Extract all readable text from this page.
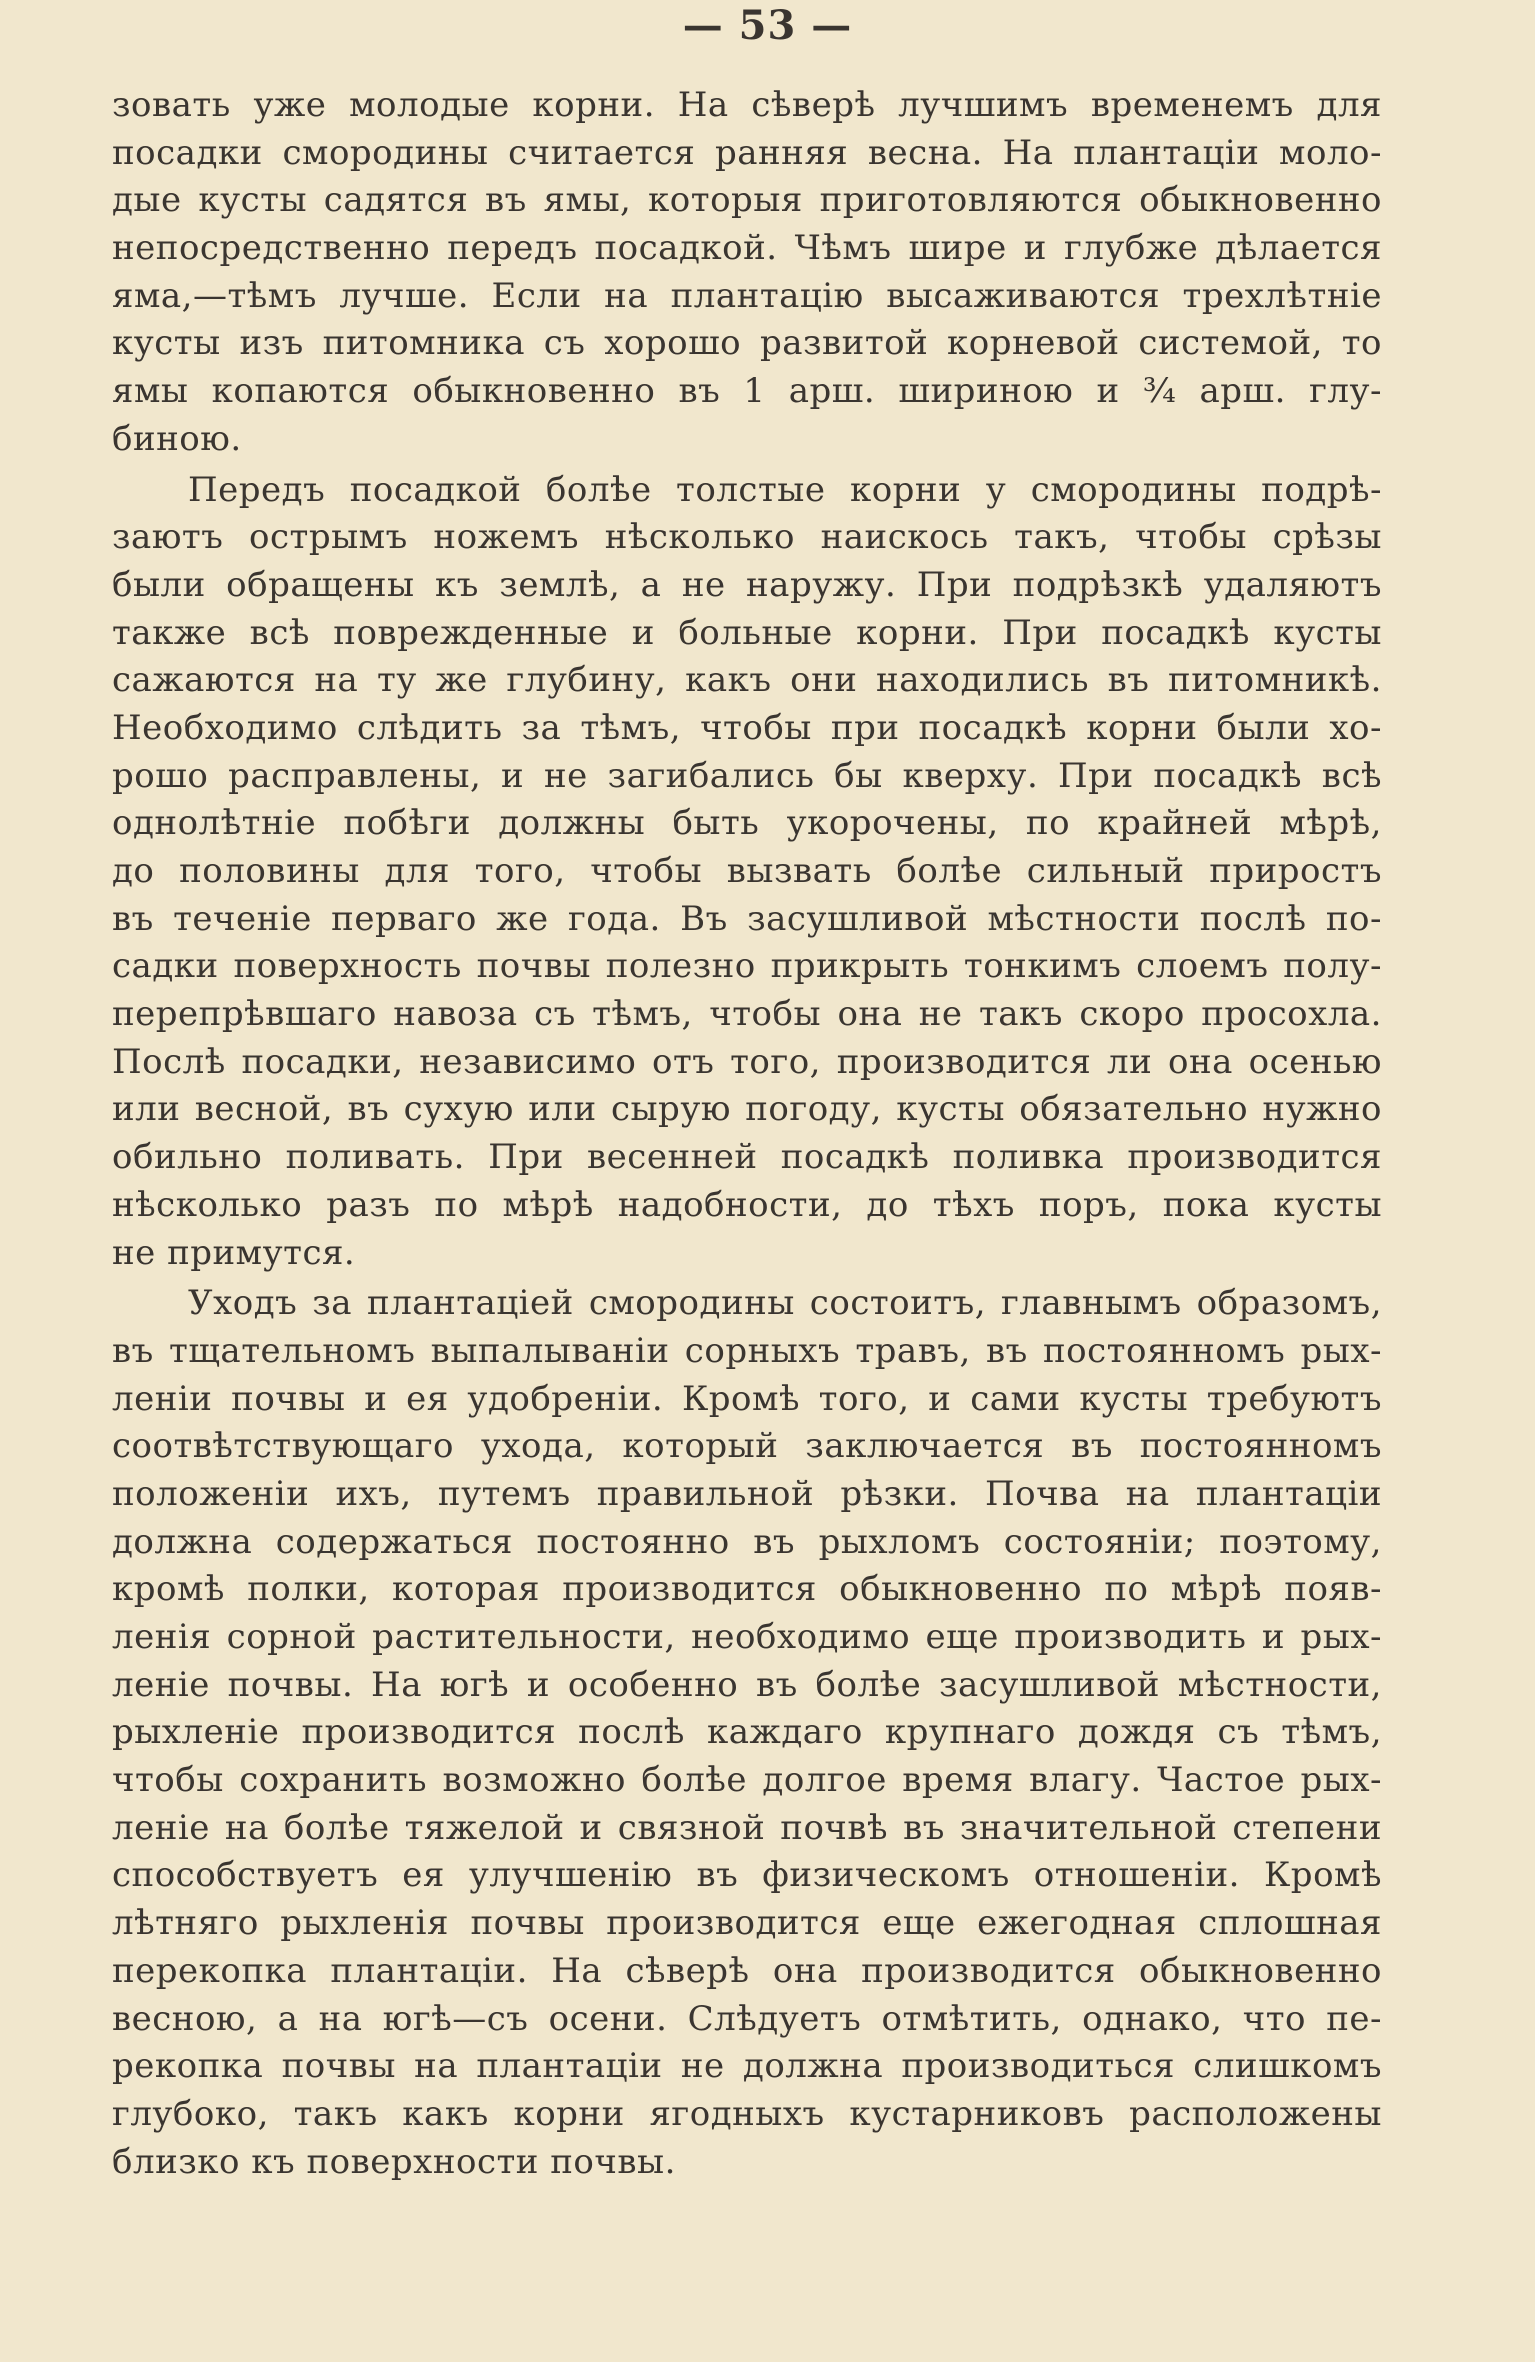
— 53 —
зовать уже молодые корни. На сѣверѣ лучшимъ временемъ для
посадки смородины считается ранняя весна. На плантаціи моло-
дые кусты садятся въ ямы, которыя приготовляются обыкновенно
непосредственно передъ посадкой. Чѣмъ шире и глубже дѣлается
яма,—тѣмъ лучше. Если на плантацію высаживаются трехлѣтніе
кусты изъ питомника съ хорошо развитой корневой системой, то
ямы копаются обыкновенно въ 1 арш. шириною и ¾ арш. глу-
биною.
Передъ посадкой болѣе толстые корни у смородины подрѣ-
заютъ острымъ ножемъ нѣсколько наискось такъ, чтобы срѣзы
были обращены къ землѣ, а не наружу. При подрѣзкѣ удаляютъ
также всѣ поврежденные и больные корни. При посадкѣ кусты
сажаются на ту же глубину, какъ они находились въ питомникѣ.
Необходимо слѣдить за тѣмъ, чтобы при посадкѣ корни были хо-
рошо расправлены, и не загибались бы кверху. При посадкѣ всѣ
однолѣтніе побѣги должны быть укорочены, по крайней мѣрѣ,
до половины для того, чтобы вызвать болѣе сильный приростъ
въ теченіе перваго же года. Въ засушливой мѣстности послѣ по-
садки поверхность почвы полезно прикрыть тонкимъ слоемъ полу-
перепрѣвшаго навоза съ тѣмъ, чтобы она не такъ скоро просохла.
Послѣ посадки, независимо отъ того, производится ли она осенью
или весной, въ сухую или сырую погоду, кусты обязательно нужно
обильно поливать. При весенней посадкѣ поливка производится
нѣсколько разъ по мѣрѣ надобности, до тѣхъ поръ, пока кусты
не примутся.
Уходъ за плантаціей смородины состоитъ, главнымъ образомъ,
въ тщательномъ выпалываніи сорныхъ травъ, въ постоянномъ рых-
леніи почвы и ея удобреніи. Кромѣ того, и сами кусты требуютъ
соотвѣтствующаго ухода, который заключается въ постоянномъ
положеніи ихъ, путемъ правильной рѣзки. Почва на плантаціи
должна содержаться постоянно въ рыхломъ состояніи; поэтому,
кромѣ полки, которая производится обыкновенно по мѣрѣ появ-
ленія сорной растительности, необходимо еще производить и рых-
леніе почвы. На югѣ и особенно въ болѣе засушливой мѣстности,
рыхленіе производится послѣ каждаго крупнаго дождя съ тѣмъ,
чтобы сохранить возможно болѣе долгое время влагу. Частое рых-
леніе на болѣе тяжелой и связной почвѣ въ значительной степени
способствуетъ ея улучшенію въ физическомъ отношеніи. Кромѣ
лѣтняго рыхленія почвы производится еще ежегодная сплошная
перекопка плантаціи. На сѣверѣ она производится обыкновенно
весною, а на югѣ—съ осени. Слѣдуетъ отмѣтить, однако, что пе-
рекопка почвы на плантаціи не должна производиться слишкомъ
глубоко, такъ какъ корни ягодныхъ кустарниковъ расположены
близко къ поверхности почвы.
